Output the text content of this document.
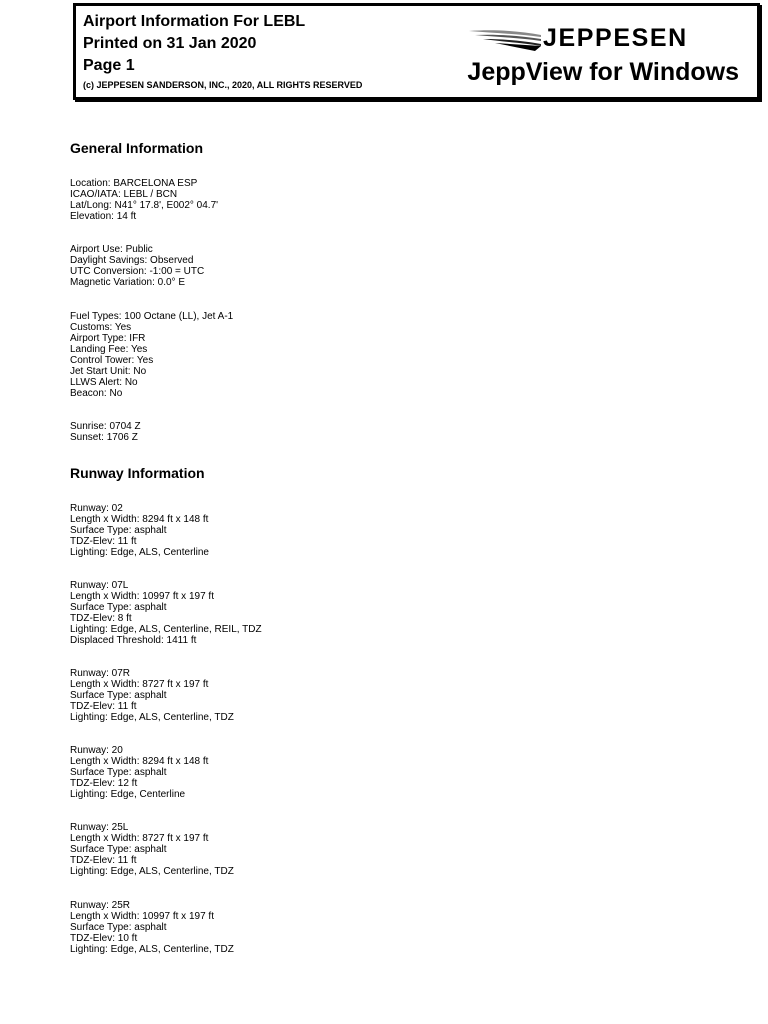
Airport Information For LEBL
Printed on 31 Jan 2020
Page 1
(c) JEPPESEN SANDERSON, INC., 2020, ALL RIGHTS RESERVED
JEPPESEN
JeppView for Windows
General Information
Location: BARCELONA ESP
ICAO/IATA: LEBL / BCN
Lat/Long: N41° 17.8', E002° 04.7'
Elevation: 14 ft
Airport Use: Public
Daylight Savings: Observed
UTC Conversion: -1:00 = UTC
Magnetic Variation: 0.0° E
Fuel Types: 100 Octane (LL), Jet A-1
Customs: Yes
Airport Type: IFR
Landing Fee: Yes
Control Tower: Yes
Jet Start Unit: No
LLWS Alert: No
Beacon: No
Sunrise: 0704 Z
Sunset: 1706 Z
Runway Information
Runway: 02
Length x Width: 8294 ft x 148 ft
Surface Type: asphalt
TDZ-Elev: 11 ft
Lighting: Edge, ALS, Centerline
Runway: 07L
Length x Width: 10997 ft x 197 ft
Surface Type: asphalt
TDZ-Elev: 8 ft
Lighting: Edge, ALS, Centerline, REIL, TDZ
Displaced Threshold: 1411 ft
Runway: 07R
Length x Width: 8727 ft x 197 ft
Surface Type: asphalt
TDZ-Elev: 11 ft
Lighting: Edge, ALS, Centerline, TDZ
Runway: 20
Length x Width: 8294 ft x 148 ft
Surface Type: asphalt
TDZ-Elev: 12 ft
Lighting: Edge, Centerline
Runway: 25L
Length x Width: 8727 ft x 197 ft
Surface Type: asphalt
TDZ-Elev: 11 ft
Lighting: Edge, ALS, Centerline, TDZ
Runway: 25R
Length x Width: 10997 ft x 197 ft
Surface Type: asphalt
TDZ-Elev: 10 ft
Lighting: Edge, ALS, Centerline, TDZ
